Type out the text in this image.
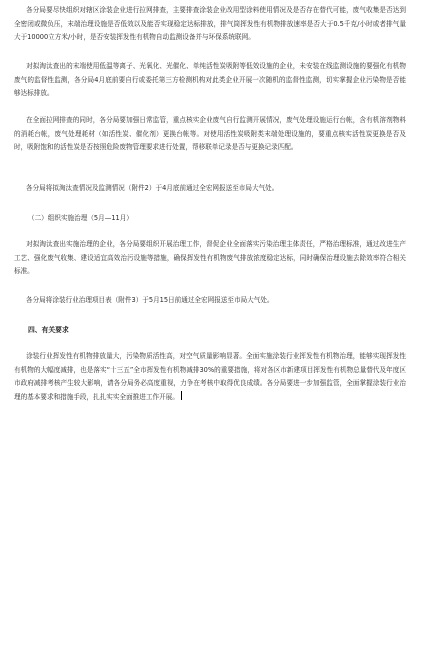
各分局要尽快组织对辖区涂装企业进行拉网排查，主要排查涂装企业改用型涂料使用情况及是否存在替代可能，废气收集是否达到全密闭或微负压，末端治理设施是否低效以及能否实现稳定达标排放，排气筒挥发性有机物排放速率是否大于0.5千克/小时或者排气量大于10000立方米/小时，是否安装挥发性有机物自动监测设备并与环保系统联网。

对拟淘汰查出的末端使用低温等离子、光氧化、光催化、单纯活性炭吸附等低效设施的企业，未安装在线监测设施的要强化有机物废气的监督性监测，各分局4月底前要自行或委托第三方检测机构对此类企业开展一次随机的监督性监测，切实掌握企业污染物是否能够达标排放。

在全面拉网排查的同时，各分局要加强日常监管，重点核实企业废气自行监测开展情况，废气处理设施运行台帐，含有机溶剂物料的消耗台帐，废气处理耗材（如活性炭、催化剂）更换台帐等。对使用活性炭吸附类末端处理设施的，要重点核实活性炭更换是否及时，吸附饱和的活性炭是否按照危险废物管理要求进行处置，帮移联单记录是否与更换记录匹配。

各分局将拟淘汰查情况及监测情况（附件2）于4月底前通过全宏网报送至市局大气处。

（二）组织实施治理（5月—11月）

对拟淘汰查出实施治理的企业，各分局要组织开展治理工作，督促企业全面落实污染治理主体责任，严格治理标准，通过改进生产工艺、强化废气收集、建设适宜高效治污设施等措施，确保挥发性有机物废气排放浓度稳定达标，同时确保治理设施去除效率符合相关标准。

各分局将涂装行业治理项目表（附件3）于5月15日前通过全宏网报送至市局大气处。

四、有关要求

涂装行业挥发性有机物排放量大，污染物质活性高，对空气质量影响显著。全面实施涂装行业挥发性有机物治理，能够实现挥发性有机物的大幅度减排，也是落实“十三五”全市挥发性有机物减排30%的重要措施，将对各区市新建项目挥发性有机物总量替代及年度区市政府减排考核产生较大影响，请各分局务必高度重视，力争在考核中取得优良成绩。各分局要进一步加强监管，全面掌握涂装行业治理的基本要求和措施手段，扎扎实实全面推进工作开展。
